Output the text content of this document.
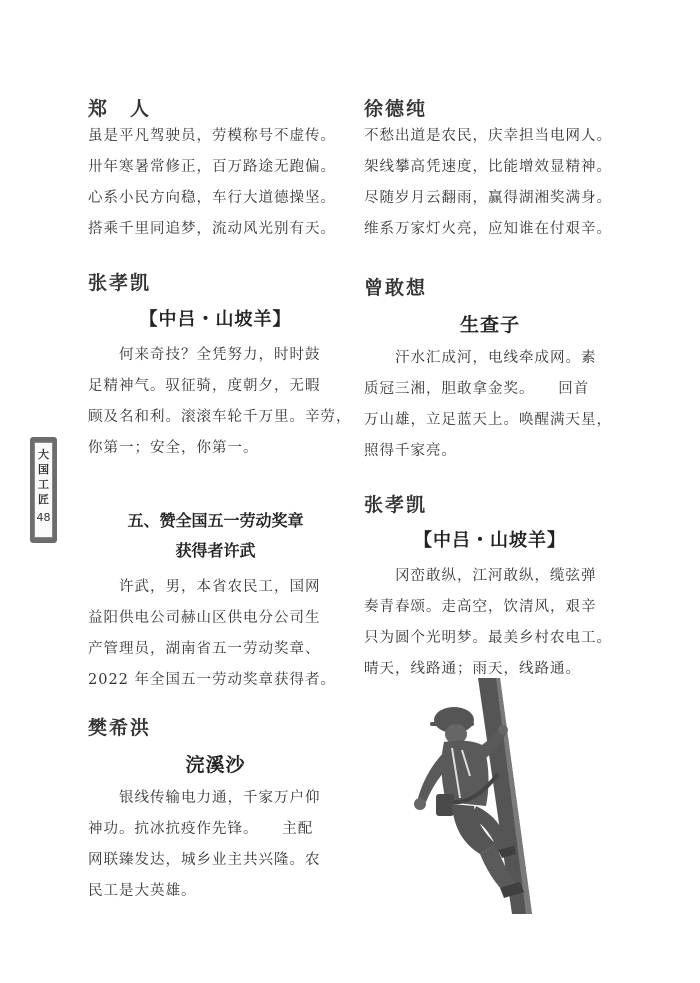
大
国
工
匠
48
郑　人

虽是平凡驾驶员，劳模称号不虚传。

卅年寒暑常修正，百万路途无跑偏。

心系小民方向稳，车行大道德操坚。

搭乘千里同追梦，流动风光别有天。

张孝凯

【中吕・山坡羊】

　　何来奇技？全凭努力，时时鼓

足精神气。驭征骑，度朝夕，无暇

顾及名和利。滚滚车轮千万里。辛劳，

你第一；安全，你第一。

五、赞全国五一劳动奖章
获得者许武

　　许武，男，本省农民工，国网

益阳供电公司赫山区供电分公司生

产管理员，湖南省五一劳动奖章、

2022 年全国五一劳动奖章获得者。

樊希洪

浣溪沙

　　银线传输电力通，千家万户仰

神功。抗冰抗疫作先锋。　　主配

网联臻发达，城乡业主共兴隆。农

民工是大英雄。

徐德纯

不愁出道是农民，庆幸担当电网人。

架线攀高凭速度，比能增效显精神。

尽随岁月云翻雨，赢得湖湘奖满身。

维系万家灯火亮，应知谁在付艰辛。

曾敢想

生查子

　　汗水汇成河，电线牵成网。素

质冠三湘，胆敢拿金奖。　　回首

万山雄，立足蓝天上。唤醒满天星，

照得千家亮。

张孝凯

【中吕・山坡羊】

　　冈峦敢纵，江河敢纵，缆弦弹

奏青春颂。走高空，饮清风，艰辛

只为圆个光明梦。最美乡村农电工。

晴天，线路通；雨天，线路通。
